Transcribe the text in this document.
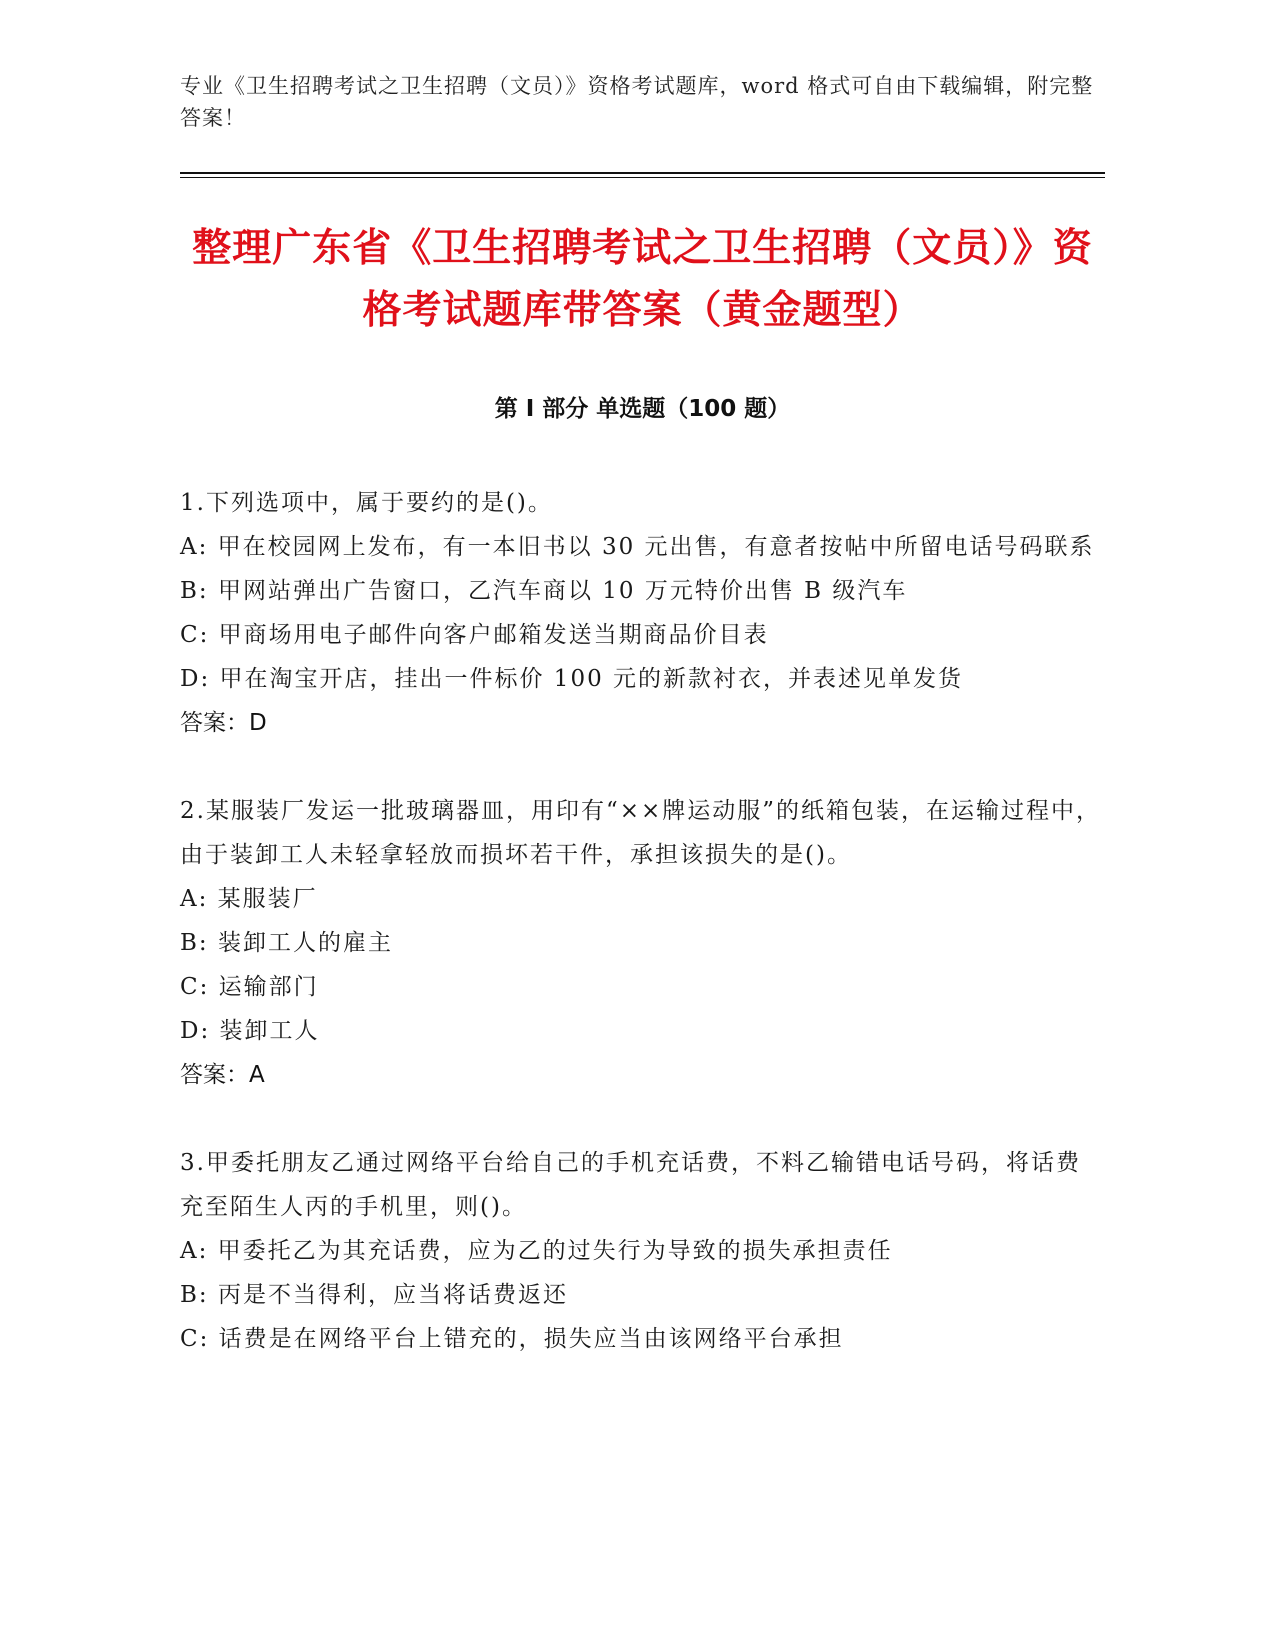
专业《卫生招聘考试之卫生招聘（文员）》资格考试题库，word 格式可自由下载编辑，附完整答案！
整理广东省《卫生招聘考试之卫生招聘（文员）》资格考试题库带答案（黄金题型）
第 I 部分 单选题（100 题）
1.下列选项中，属于要约的是()。
A: 甲在校园网上发布，有一本旧书以 30 元出售，有意者按帖中所留电话号码联系
B: 甲网站弹出广告窗口，乙汽车商以 10 万元特价出售 B 级汽车
C: 甲商场用电子邮件向客户邮箱发送当期商品价目表
D: 甲在淘宝开店，挂出一件标价 100 元的新款衬衣，并表述见单发货
答案：D
2.某服装厂发运一批玻璃器皿，用印有“××牌运动服”的纸箱包装，在运输过程中，由于装卸工人未轻拿轻放而损坏若干件，承担该损失的是()。
A: 某服装厂
B: 装卸工人的雇主
C: 运输部门
D: 装卸工人
答案：A
3.甲委托朋友乙通过网络平台给自己的手机充话费，不料乙输错电话号码，将话费充至陌生人丙的手机里，则()。
A: 甲委托乙为其充话费，应为乙的过失行为导致的损失承担责任
B: 丙是不当得利，应当将话费返还
C: 话费是在网络平台上错充的，损失应当由该网络平台承担
